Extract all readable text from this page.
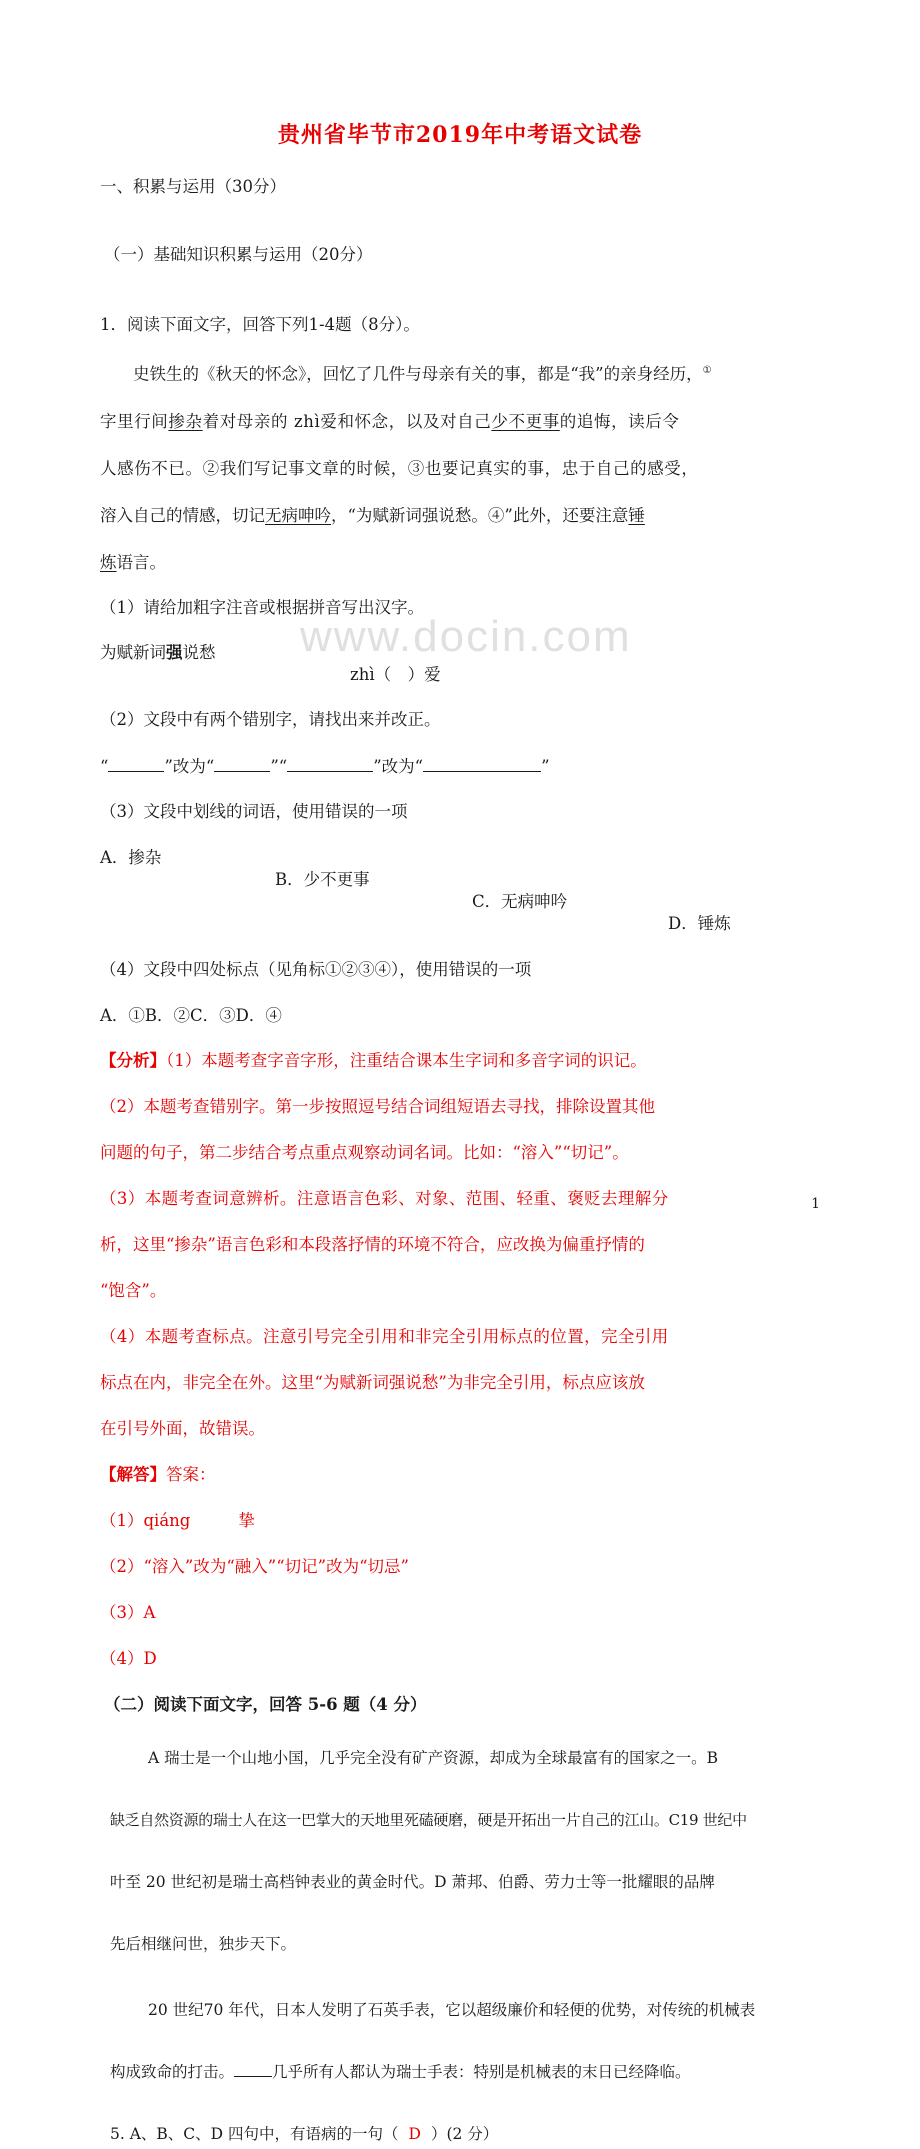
www.docin.com
贵州省毕节市2019年中考语文试卷
一、积累与运用（30分）
（一）基础知识积累与运用（20分）
1．阅读下面文字，回答下列1-4题（8分）。
史铁生的《秋天的怀念》，回忆了几件与母亲有关的事，都是“我”的亲身经历，①
字里行间掺杂着对母亲的 zhì爱和怀念，以及对自己少不更事的追悔，读后令
人感伤不已。②我们写记事文章的时候，③也要记真实的事，忠于自己的感受，
溶入自己的情感，切记无病呻吟，“为赋新词强说愁。④”此外，还要注意锤
炼语言。
（1）请给加粗字注音或根据拼音写出汉字。
为赋新词强说愁
zhì（　）爱
（2）文段中有两个错别字，请找出来并改正。
“	”改为“	”“	”改为“	”
（3）文段中划线的词语，使用错误的一项
A．掺杂
B．少不更事
C．无病呻吟
D．锤炼
（4）文段中四处标点（见角标①②③④），使用错误的一项
A．①B．②C．③D．④
【分析】（1）本题考查字音字形，注重结合课本生字词和多音字词的识记。
（2）本题考查错别字。第一步按照逗号结合词组短语去寻找，排除设置其他
问题的句子，第二步结合考点重点观察动词名词。比如：“溶入”“切记”。
（3）本题考查词意辨析。注意语言色彩、对象、范围、轻重、褒贬去理解分
析，这里“掺杂”语言色彩和本段落抒情的环境不符合，应改换为偏重抒情的
“饱含”。
（4）本题考查标点。注意引号完全引用和非完全引用标点的位置，完全引用
标点在内，非完全在外。这里“为赋新词强说愁”为非完全引用，标点应该放
在引号外面，故错误。
【解答】答案：
（1）qiáng	挚
（2）“溶入”改为“融入”“切记”改为“切忌”
（3）A
（4）D
（二）阅读下面文字，回答 5-6 题（4 分）
A 瑞士是一个山地小国，几乎完全没有矿产资源，却成为全球最富有的国家之一。B
缺乏自然资源的瑞士人在这一巴掌大的天地里死磕硬磨，硬是开拓出一片自己的江山。C19 世纪中
叶至 20 世纪初是瑞士高档钟表业的黄金时代。D 萧邦、伯爵、劳力士等一批耀眼的品牌
先后相继问世，独步天下。
20 世纪70 年代，日本人发明了石英手表，它以超级廉价和轻便的优势，对传统的机械表
构成致命的打击。 几乎所有人都认为瑞士手表：特别是机械表的末日已经降临。
5. A、B、C、D 四句中，有语病的一句（ D ）(2 分）
1
